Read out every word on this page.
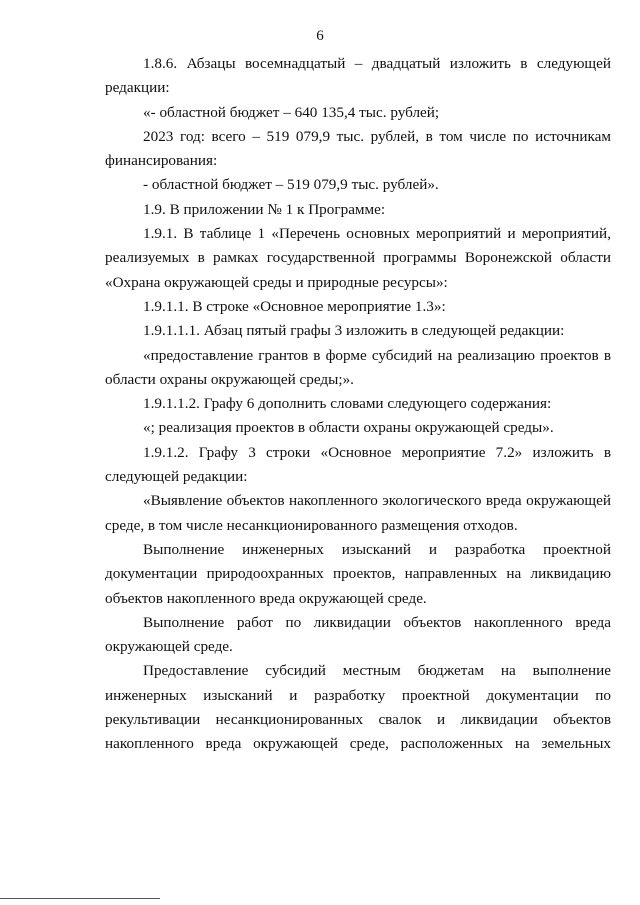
6

1.8.6. Абзацы восемнадцатый – двадцатый изложить в следующей редакции:

«- областной бюджет – 640 135,4 тыс. рублей;

2023 год: всего – 519 079,9 тыс. рублей, в том числе по источникам финансирования:

- областной бюджет – 519 079,9 тыс. рублей».

1.9. В приложении № 1 к Программе:

1.9.1. В таблице 1 «Перечень основных мероприятий и мероприятий, реализуемых в рамках государственной программы Воронежской области «Охрана окружающей среды и природные ресурсы»:

1.9.1.1. В строке «Основное мероприятие 1.3»:

1.9.1.1.1. Абзац пятый графы 3 изложить в следующей редакции:

«предоставление грантов в форме субсидий на реализацию проектов в области охраны окружающей среды;».

1.9.1.1.2. Графу 6 дополнить словами следующего содержания:

«; реализация проектов в области охраны окружающей среды».

1.9.1.2. Графу 3 строки «Основное мероприятие 7.2» изложить в следующей редакции:

«Выявление объектов накопленного экологического вреда окружающей среде, в том числе несанкционированного размещения отходов.

Выполнение инженерных изысканий и разработка проектной документации природоохранных проектов, направленных на ликвидацию объектов накопленного вреда окружающей среде.

Выполнение работ по ликвидации объектов накопленного вреда окружающей среде.

Предоставление субсидий местным бюджетам на выполнение инженерных изысканий и разработку проектной документации по рекультивации несанкционированных свалок и ликвидации объектов накопленного вреда окружающей среде, расположенных на земельных
